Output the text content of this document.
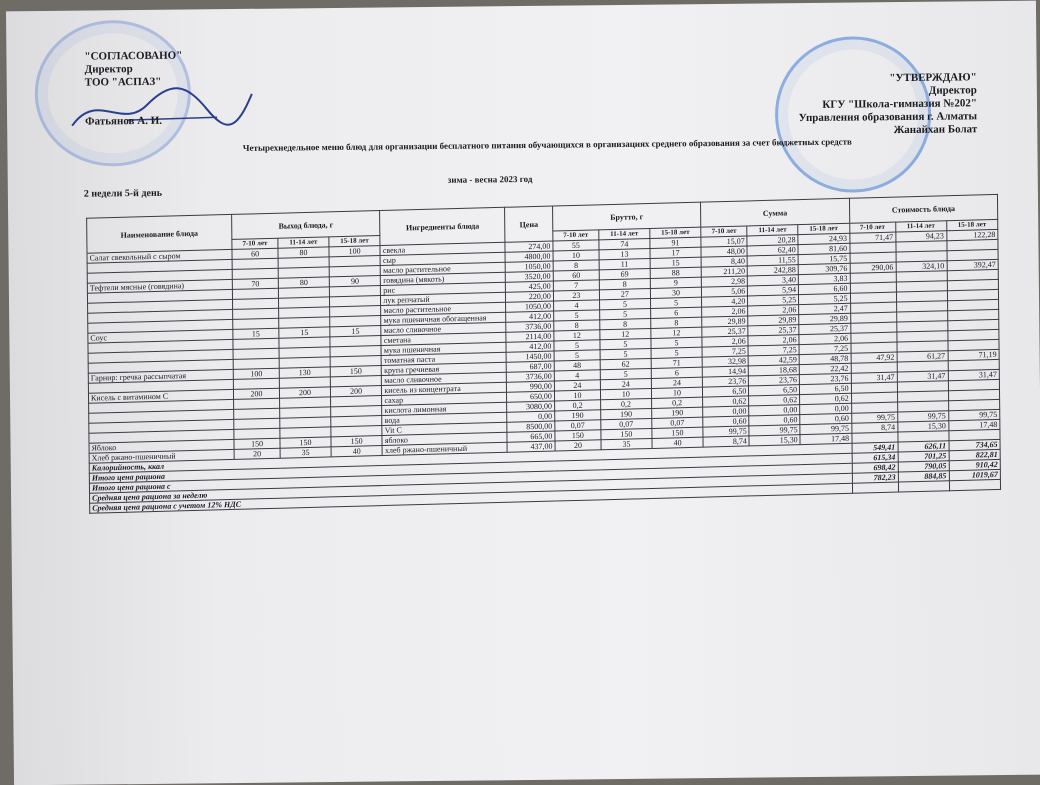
"СОГЛАСОВАНО"
Директор
ТОО "АСПАЗ"
Фатьянов А. И.
"УТВЕРЖДАЮ"
Директор
КГУ "Школа-гимназия №202"
Управления образования г. Алматы
Жанайхан Болат
Четырехнедельное меню блюд для организации бесплатного питания обучающихся в организациях среднего образования за счет бюджетных средств
зима - весна 2023 год
2 недели 5-й день
Наименование блюда	Выход блюда, г			Ингредиенты блюда	Цена	Брутто, г			Сумма			Стоимость блюда		
	7-10 лет	11-14 лет	15-18 лет			7-10 лет	11-14 лет	15-18 лет	7-10 лет	11-14 лет	15-18 лет	7-10 лет	11-14 лет	15-18 лет
Салат свекольный с сыром	60	80	100	свекла	274,00	55	74	91	15,07	20,28	24,93	71,47	94,23	122,28
				сыр	4800,00	10	13	17	48,00	62,40	81,60			
				масло растительное	1050,00	8	11	15	8,40	11,55	15,75			
Тефтели мясные (говядина)	70	80	90	говядина (мякоть)	3520,00	60	69	88	211,20	242,88	309,76	290,06	324,10	392,47
				рис	425,00	7	8	9	2,98	3,40	3,83			
				лук репчатый	220,00	23	27	30	5,06	5,94	6,60			
				масло растительное	1050,00	4	5	5	4,20	5,25	5,25			
				мука пшеничная обогащенная	412,00	5	5	6	2,06	2,06	2,47			
Соус	15	15	15	масло сливочное	3736,00	8	8	8	29,89	29,89	29,89			
				сметана	2114,00	12	12	12	25,37	25,37	25,37			
				мука пшеничная	412,00	5	5	5	2,06	2,06	2,06			
				томатная паста	1450,00	5	5	5	7,25	7,25	7,25			
Гарнир: гречка рассыпчатая	100	130	150	крупа гречневая	687,00	48	62	71	32,98	42,59	48,78	47,92	61,27	71,19
				масло сливочное	3736,00	4	5	6	14,94	18,68	22,42			
Кисель с витамином С	200	200	200	кисель из концентрата	990,00	24	24	24	23,76	23,76	23,76	31,47	31,47	31,47
				сахар	650,00	10	10	10	6,50	6,50	6,50			
				кислота лимонная	3080,00	0,2	0,2	0,2	0,62	0,62	0,62			
				вода	0,00	190	190	190	0,00	0,00	0,00			
				Vit C	8500,00	0,07	0,07	0,07	0,60	0,60	0,60	99,75	99,75	99,75
Яблоко	150	150	150	яблоко	665,00	150	150	150	99,75	99,75	99,75	8,74	15,30	17,48
Хлеб ржано-пшеничный	20	35	40	хлеб ржано-пшеничный	437,00	20	35	40	8,74	15,30	17,48			
Калорийность, ккал												549,41	626,11	734,65
Итого цена рациона												615,34	701,25	822,81
Итого цена рациона с												698,42	790,05	910,42
Средняя цена рациона за неделю												782,23	884,85	1019,67
Средняя цена рациона с учетом 12% НДС														
